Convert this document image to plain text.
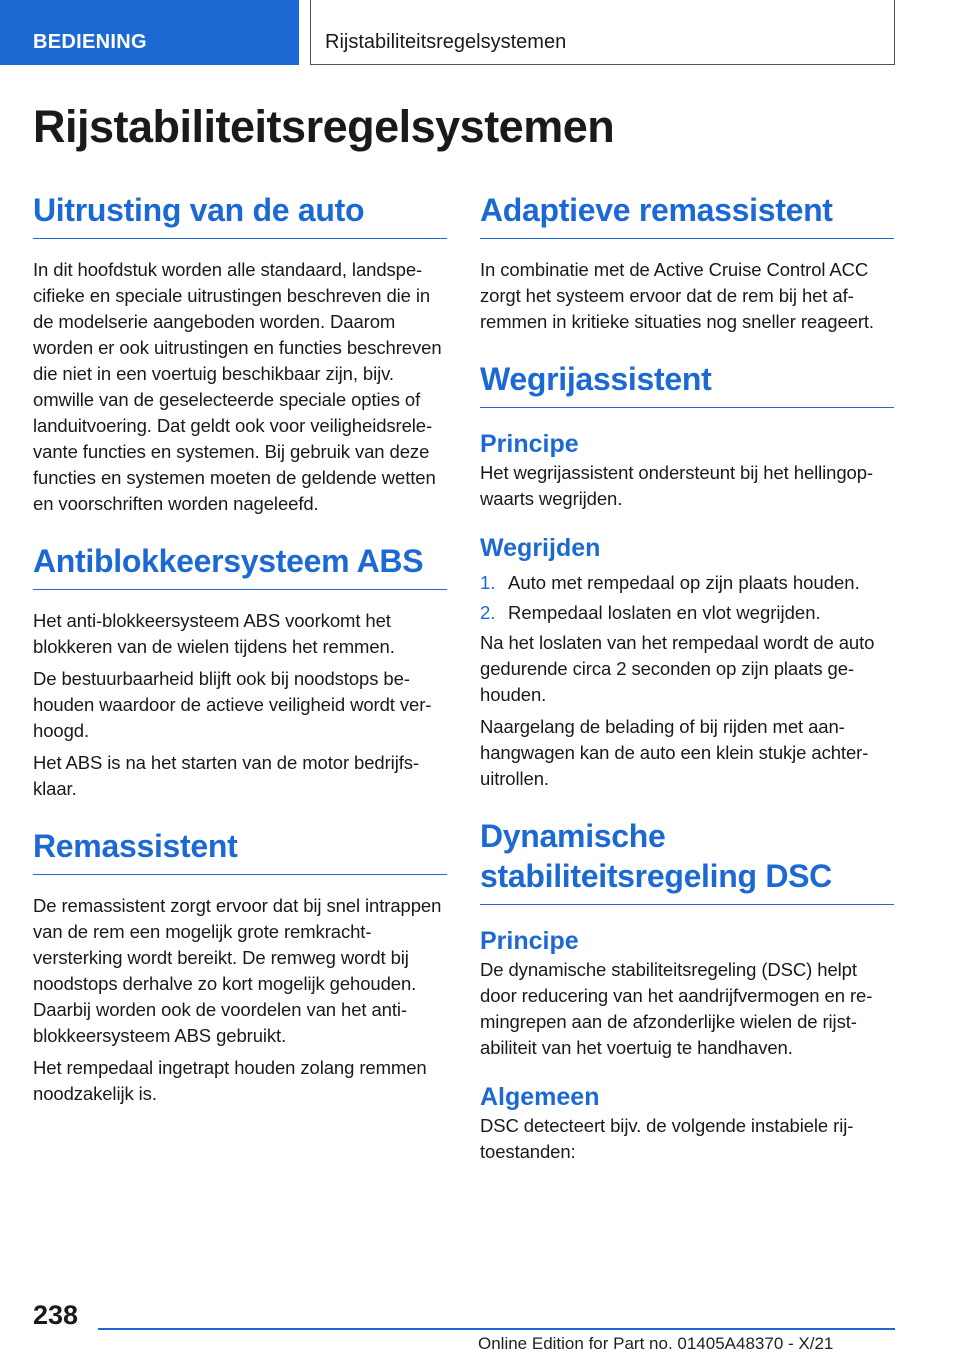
BEDIENING	Rijstabiliteitsregelsystemen
Rijstabiliteitsregelsystemen
Uitrusting van de auto

In dit hoofdstuk worden alle standaard, landspecifieke en speciale uitrustingen beschreven die in de modelserie aangeboden worden. Daarom worden er ook uitrustingen en functies beschreven die niet in een voertuig beschikbaar zijn, bijv. omwille van de geselecteerde speciale opties of landuitvoering. Dat geldt ook voor veiligheidsrelevante functies en systemen. Bij gebruik van deze functies en systemen moeten de geldende wetten en voorschriften worden nageleefd.

Antiblokkeersysteem ABS

Het anti-blokkeersysteem ABS voorkomt het blokkeren van de wielen tijdens het remmen.

De bestuurbaarheid blijft ook bij noodstops behouden waardoor de actieve veiligheid wordt verhoogd.

Het ABS is na het starten van de motor bedrijfsklaar.

Remassistent

De remassistent zorgt ervoor dat bij snel intrappen van de rem een mogelijk grote remkrachtversterking wordt bereikt. De remweg wordt bij noodstops derhalve zo kort mogelijk gehouden. Daarbij worden ook de voordelen van het antiblokkeersysteem ABS gebruikt.

Het rempedaal ingetrapt houden zolang remmen noodzakelijk is.

Adaptieve remassistent

In combinatie met de Active Cruise Control ACC zorgt het systeem ervoor dat de rem bij het afremmen in kritieke situaties nog sneller reageert.

Wegrijassistent
Principe

Het wegrijassistent ondersteunt bij het hellingopwaarts wegrijden.

Wegrijden
1. Auto met rempedaal op zijn plaats houden.
2. Rempedaal loslaten en vlot wegrijden.

Na het loslaten van het rempedaal wordt de auto gedurende circa 2 seconden op zijn plaats gehouden.

Naargelang de belading of bij rijden met aanhangwagen kan de auto een klein stukje achteruitrollen.

Dynamische stabiliteitsregeling DSC
Principe

De dynamische stabiliteitsregeling (DSC) helpt door reducering van het aandrijfvermogen en remingrepen aan de afzonderlijke wielen de rijstabiliteit van het voertuig te handhaven.

Algemeen

DSC detecteert bijv. de volgende instabiele rijtoestanden:

238
Online Edition for Part no. 01405A48370 - X/21
